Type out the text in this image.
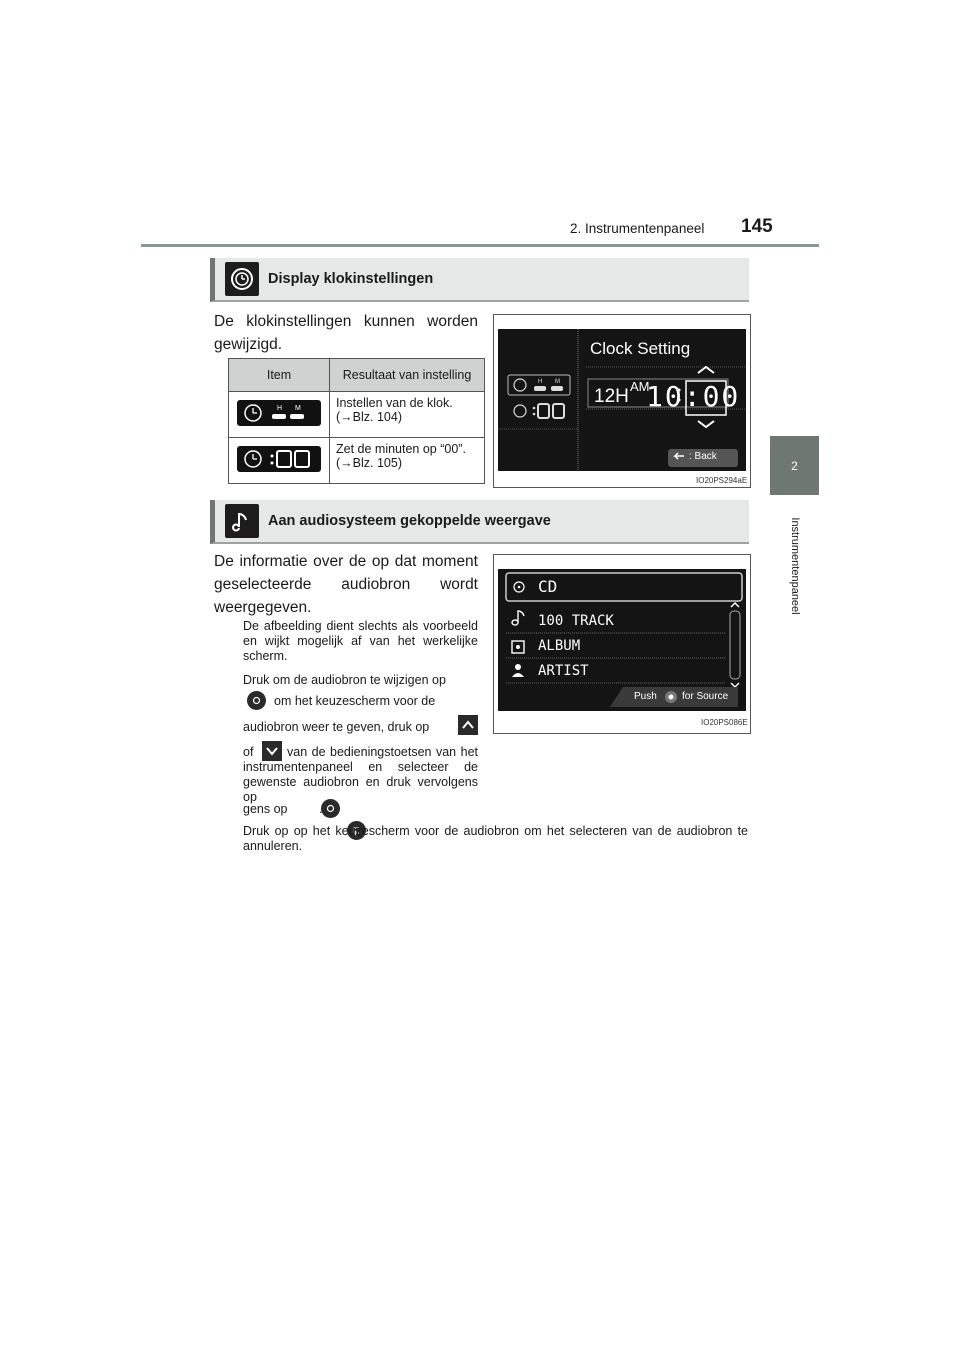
2. Instrumentenpaneel 145
2
Instrumentenpaneel
Display klokinstellingen
De klokinstellingen kunnen worden gewijzigd.
Item	Resultaat van instelling

H M	Instellen van de klok. (→Blz. 104)

	Zet de minuten op “00”. (→Blz. 105)
H M
Clock Setting
12H AM
10:00
: Back
IO20PS294aE
Aan audiosysteem gekoppelde weergave
De informatie over de op dat moment geselecteerde audiobron wordt weergegeven.
De afbeelding dient slechts als voorbeeld en wijkt mogelijk af van het werkelijke scherm.
Druk om de audiobron te wijzigen op

om het keuzescherm voor de
audiobron weer te geven, druk op
of	van de bedieningstoetsen van het instrumentenpaneel en selecteer de gewenste audiobron en druk vervolgens op

gens op	.
Druk op op het keuzescherm voor de audiobron om het selecteren van de audiobron te annuleren.
CD
100 TRACK
ALBUM
ARTIST
Push	for Source
IO20PS086E
